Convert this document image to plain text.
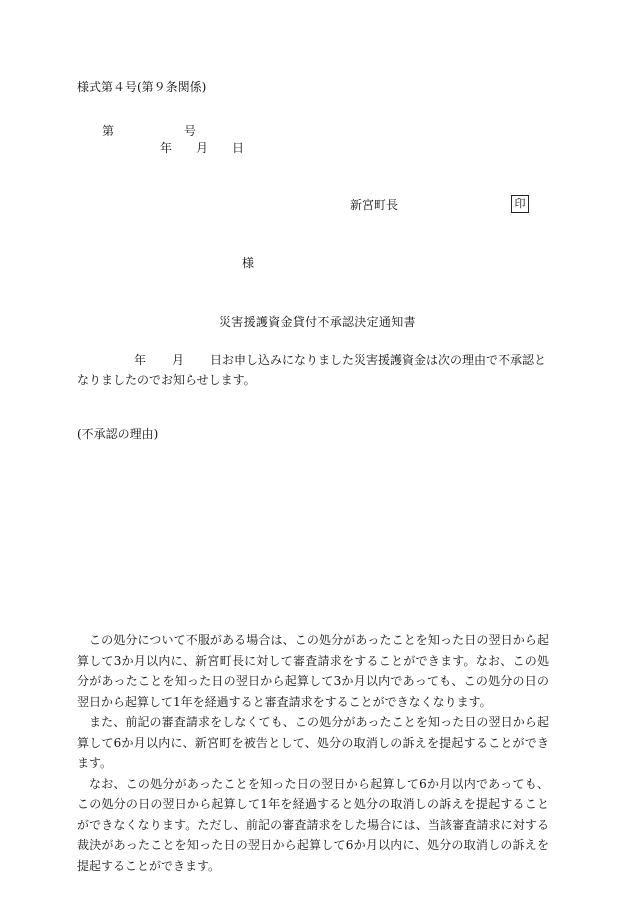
様式第４号(第９条関係)
第	号
年 月 日
新宮町長	印
様
災害援護資金貸付不承認決定通知書
年 月 日お申し込みになりました災害援護資金は次の理由で不承認となりましたのでお知らせします。
(不承認の理由)

この処分について不服がある場合は、この処分があったことを知った日の翌日から起算して3か月以内に、新宮町長に対して審査請求をすることができます。なお、この処分があったことを知った日の翌日から起算して3か月以内であっても、この処分の日の翌日から起算して1年を経過すると審査請求をすることができなくなります。

また、前記の審査請求をしなくても、この処分があったことを知った日の翌日から起算して6か月以内に、新宮町を被告として、処分の取消しの訴えを提起することができます。

なお、この処分があったことを知った日の翌日から起算して6か月以内であっても、この処分の日の翌日から起算して1年を経過すると処分の取消しの訴えを提起することができなくなります。ただし、前記の審査請求をした場合には、当該審査請求に対する裁決があったことを知った日の翌日から起算して6か月以内に、処分の取消しの訴えを提起することができます。
